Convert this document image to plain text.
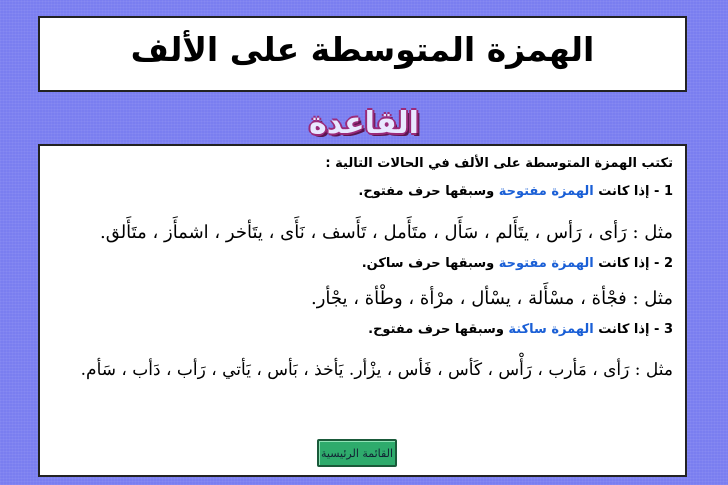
الهمزة المتوسطة على الألف
القاعدة
تكتب الهمزة المتوسطة على الألف في الحالات التالية :
1 - إذا كانت الهمزة مفتوحة وسبقها حرف مفتوح.
مثل : رَأى ، رَأس ، يتَأَلم ، سَأَل ، متَأَمل ، تَأَسف ، نَأَى ، يتَأخر ، اشمأَز ، متَأَلق.
2 - إذا كانت الهمزة مفتوحة وسبقها حرف ساكن.
مثل : فجْأة ، مسْأَلة ، يسْأل ، مرْأة ، وطْأة ، يجْأر.
3 - إذا كانت الهمزة ساكنة وسبقها حرف مفتوح.
مثل : رَأى ، مَأرب ، رَأْس ، كَأس ، فَأس ، يزْأر. يَأخذ ، بَأس ، يَأتي ، رَأب ، دَأب ، سَأم.
القائمة الرئيسية
